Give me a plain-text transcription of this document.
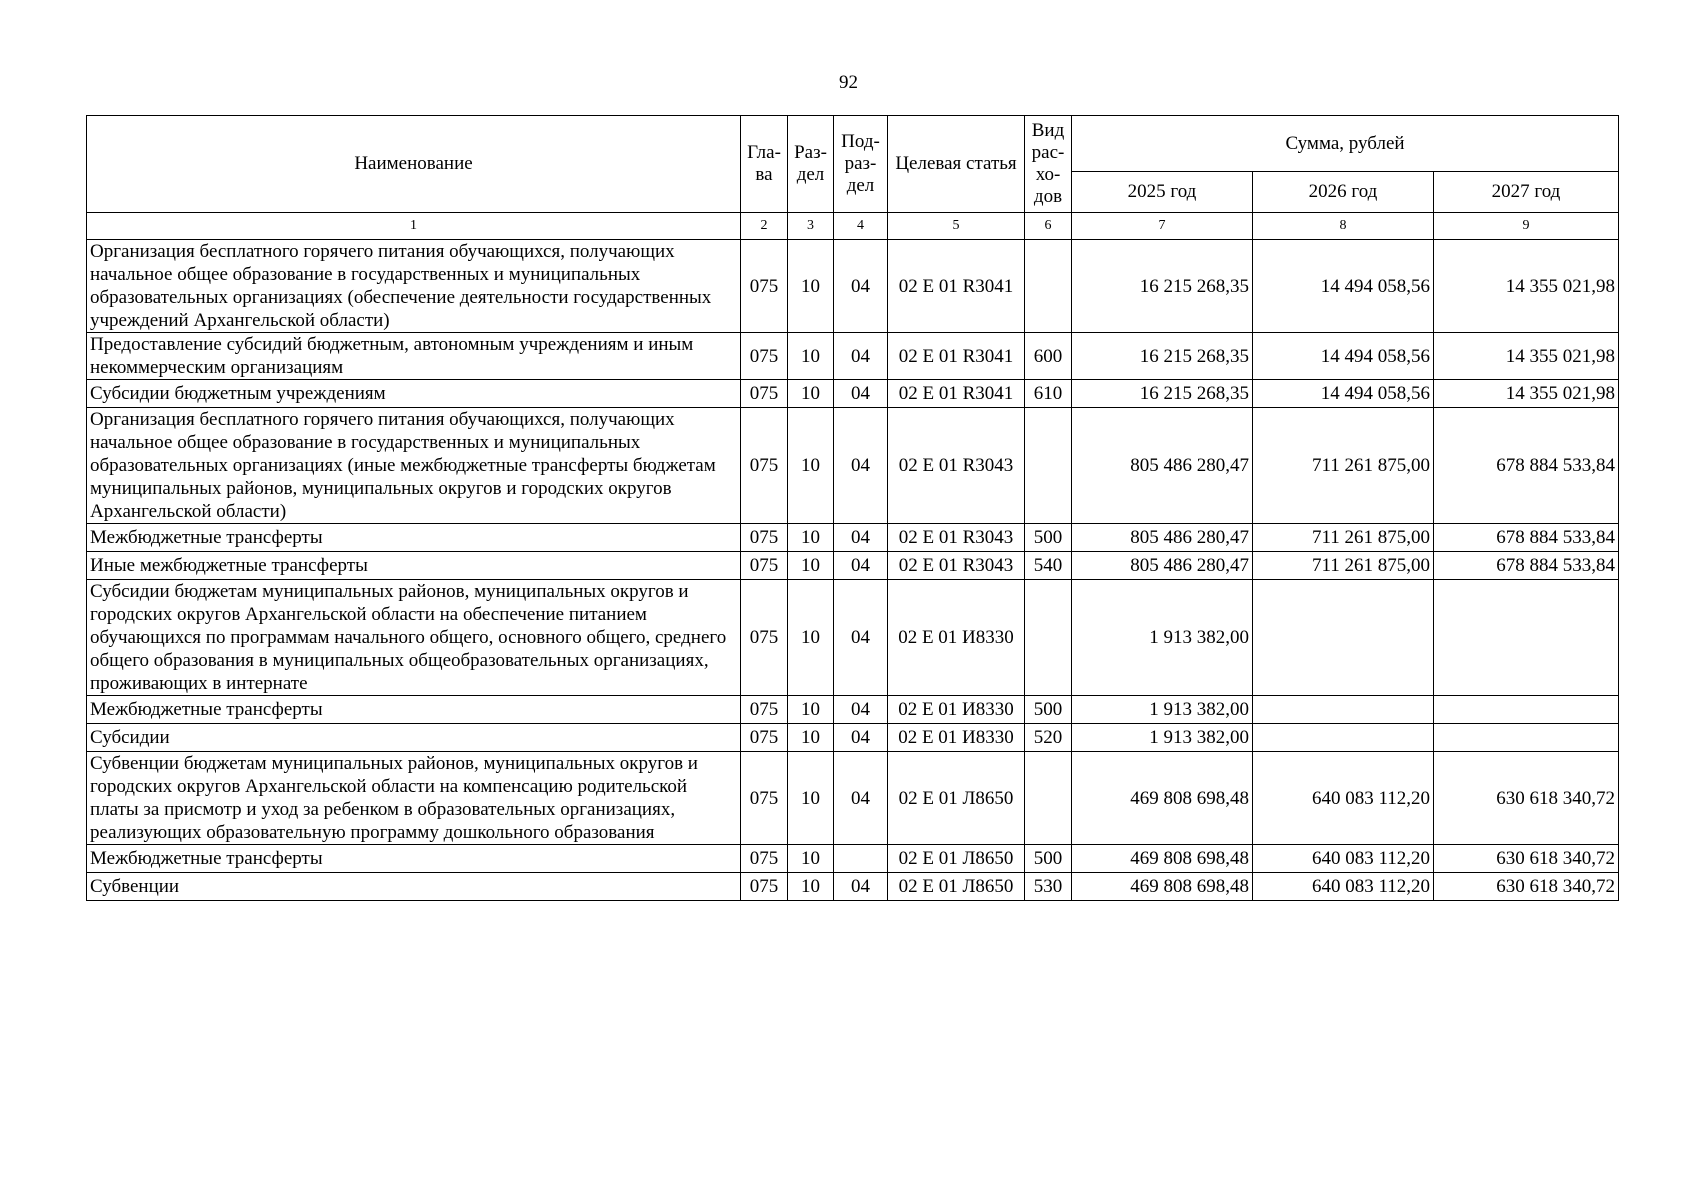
92
Наименование	Гла-ва	Раз-дел	Под-раз-дел	Целевая статья	Вид рас-хо-дов	Сумма, рублей		
						2025 год	2026 год	2027 год
1	2	3	4	5	6	7	8	9
Организация бесплатного горячего питания обучающихся, получающих начальное общее образование в государственных и муниципальных образовательных организациях (обеспечение деятельности государственных учреждений Архангельской области)	075	10	04	02 Е 01 R3041		16 215 268,35	14 494 058,56	14 355 021,98
Предоставление субсидий бюджетным, автономным учреждениям и иным некоммерческим организациям	075	10	04	02 Е 01 R3041	600	16 215 268,35	14 494 058,56	14 355 021,98
Субсидии бюджетным учреждениям	075	10	04	02 Е 01 R3041	610	16 215 268,35	14 494 058,56	14 355 021,98
Организация бесплатного горячего питания обучающихся, получающих начальное общее образование в государственных и муниципальных образовательных организациях (иные межбюджетные трансферты бюджетам муниципальных районов, муниципальных округов и городских округов Архангельской области)	075	10	04	02 Е 01 R3043		805 486 280,47	711 261 875,00	678 884 533,84
Межбюджетные трансферты	075	10	04	02 Е 01 R3043	500	805 486 280,47	711 261 875,00	678 884 533,84
Иные межбюджетные трансферты	075	10	04	02 Е 01 R3043	540	805 486 280,47	711 261 875,00	678 884 533,84
Субсидии бюджетам муниципальных районов, муниципальных округов и городских округов Архангельской области на обеспечение питанием обучающихся по программам начального общего, основного общего, среднего общего образования в муниципальных общеобразовательных организациях, проживающих в интернате	075	10	04	02 Е 01 И8330		1 913 382,00		
Межбюджетные трансферты	075	10	04	02 Е 01 И8330	500	1 913 382,00		
Субсидии	075	10	04	02 Е 01 И8330	520	1 913 382,00		
Субвенции бюджетам муниципальных районов, муниципальных округов и городских округов Архангельской области на компенсацию родительской платы за присмотр и уход за ребенком в образовательных организациях, реализующих образовательную программу дошкольного образования	075	10	04	02 Е 01 Л8650		469 808 698,48	640 083 112,20	630 618 340,72
Межбюджетные трансферты	075	10		02 Е 01 Л8650	500	469 808 698,48	640 083 112,20	630 618 340,72
Субвенции	075	10	04	02 Е 01 Л8650	530	469 808 698,48	640 083 112,20	630 618 340,72
